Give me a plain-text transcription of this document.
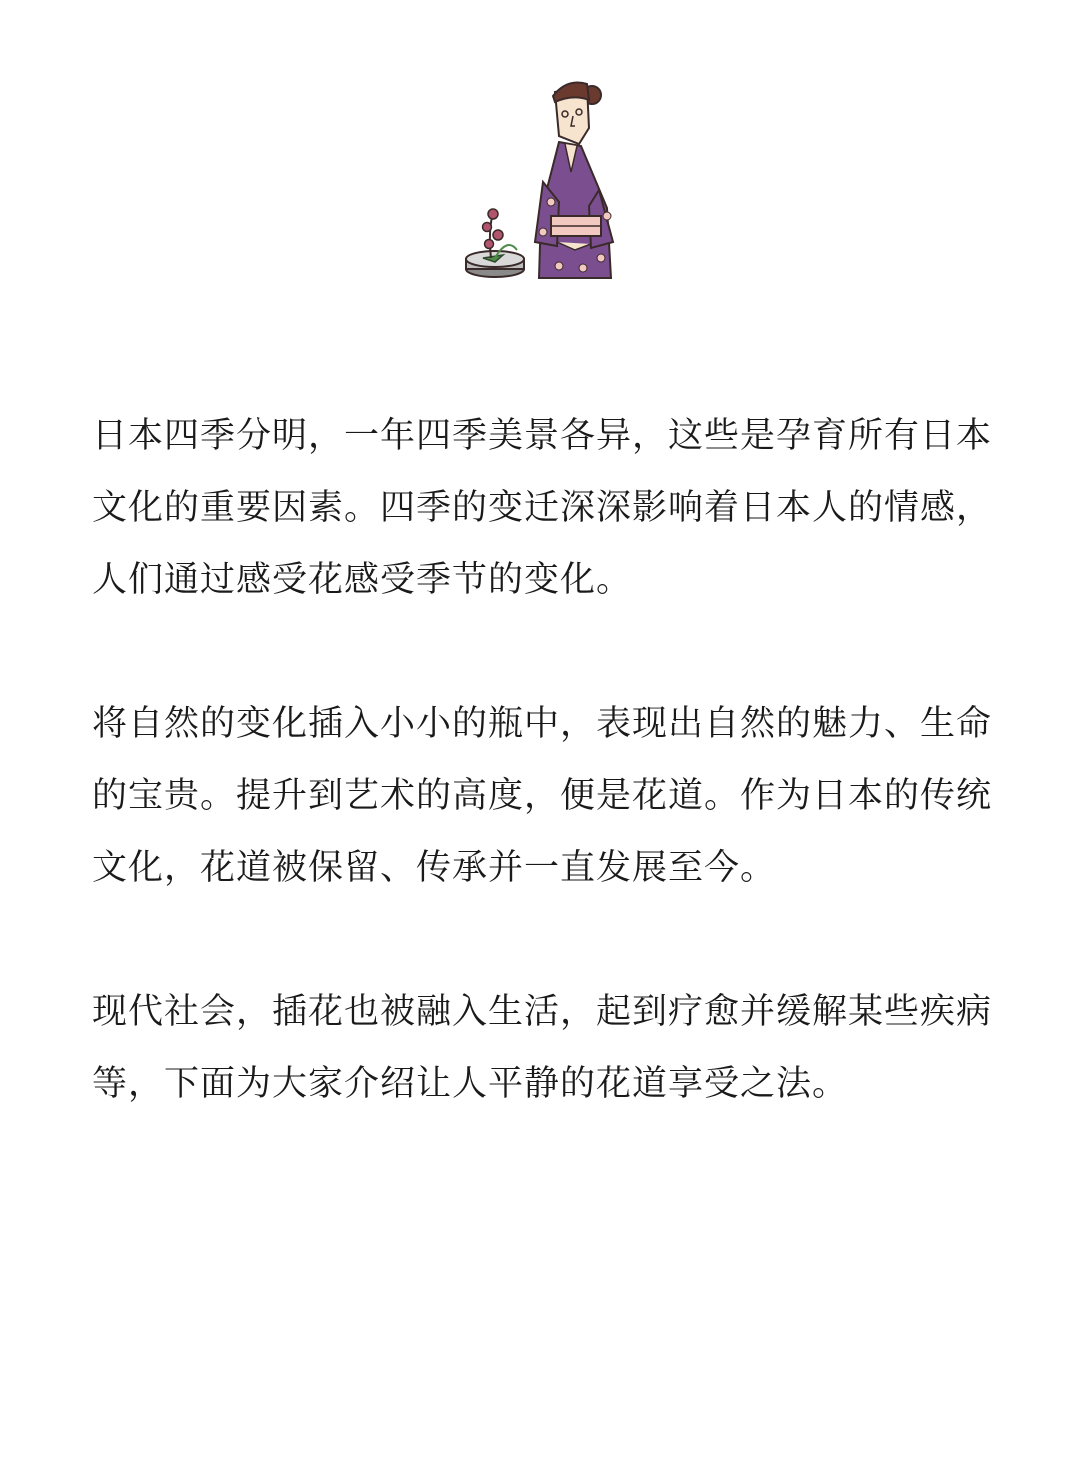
日本四季分明，一年四季美景各异，这些是孕育所有日本文化的重要因素。四季的变迁深深影响着日本人的情感，人们通过感受花感受季节的变化。

将自然的变化插入小小的瓶中，表现出自然的魅力、生命的宝贵。提升到艺术的高度，便是花道。作为日本的传统文化，花道被保留、传承并一直发展至今。

现代社会，插花也被融入生活，起到疗愈并缓解某些疾病等，下面为大家介绍让人平静的花道享受之法。
